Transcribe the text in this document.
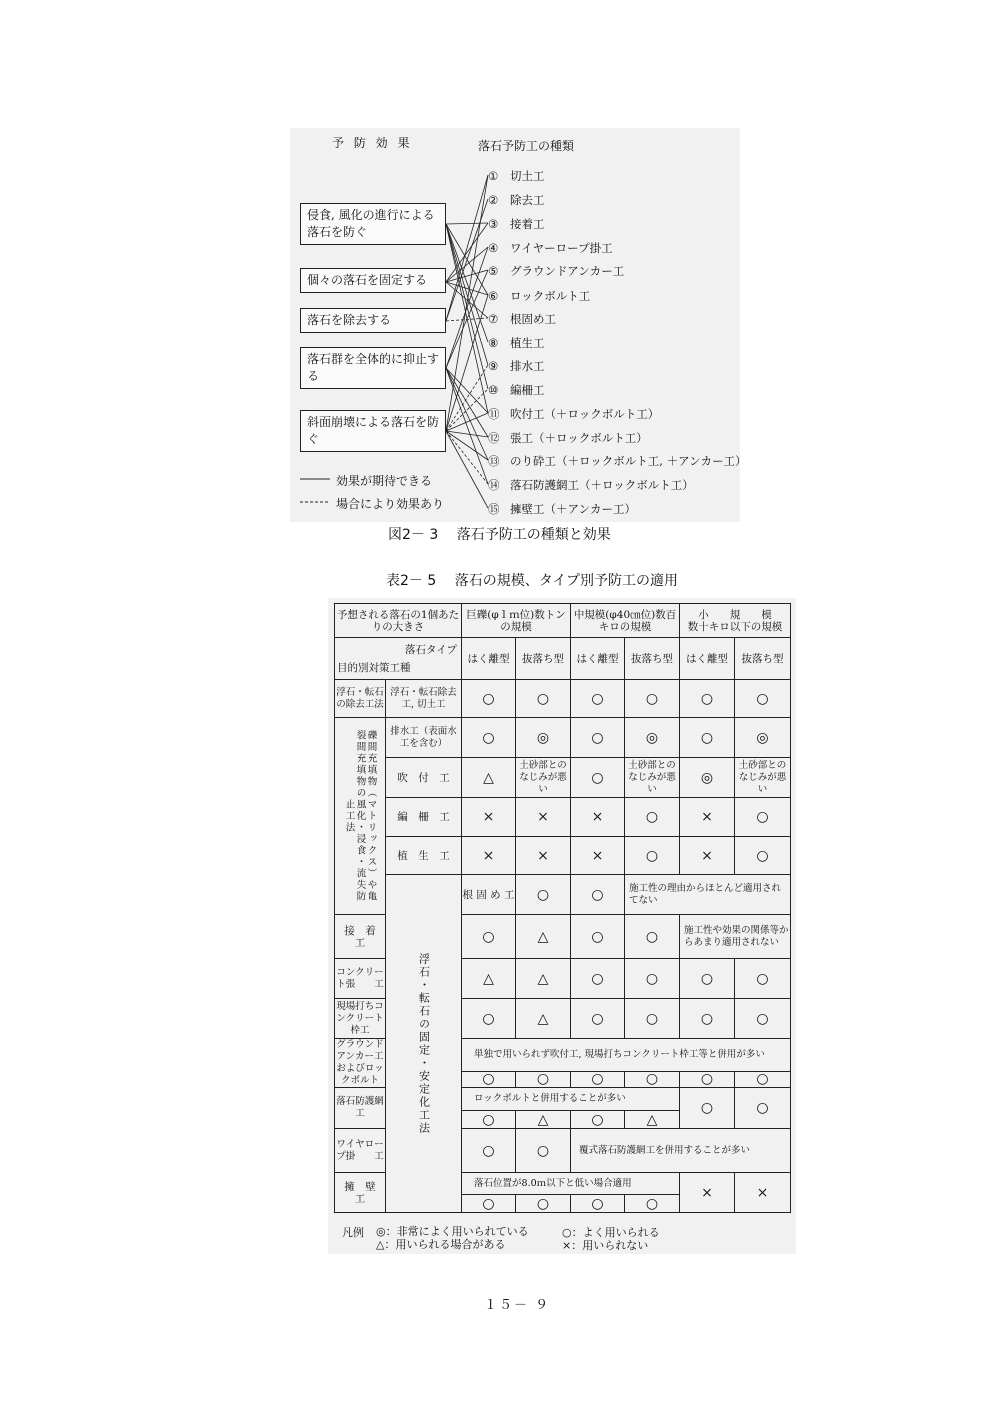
予 防 効 果	落石予防工の種類
侵食, 風化の進行による落石を防ぐ
個々の落石を固定する
落石を除去する
落石群を全体的に抑止する
斜面崩壊による落石を防ぐ
① 切土工
② 除去工
③ 接着工
④ ワイヤーロープ掛工
⑤ グラウンドアンカー工
⑥ ロックボルト工
⑦ 根固め工
⑧ 植生工
⑨ 排水工
⑩ 編柵工
⑪ 吹付工（＋ロックボルト工）
⑫ 張工（＋ロックボルト工）
⑬ のり砕工（＋ロックボルト工, ＋アンカー工）
⑭ 落石防護網工（＋ロックボルト工）
⑮ 擁壁工（＋アンカー工）
効果が期待できる
場合により効果あり
図2－ 3　 落石予防工の種類と効果
表2－ 5　 落石の規模、タイプ別予防工の適用
予想される落石の1個あたりの大きさ		巨礫(φ１ｍ位)数トンの規模		中規模(φ40㎝位)数百キロの規模		小　　規　　模
数十キロ以下の規模	

落石タイプ
目的別対策工種		はく離型	抜落ち型	はく離型	抜落ち型	はく離型	抜落ち型
浮石・転石の除去工法	浮石・転石除去工, 切土工	○	○	○	○	○	○

礫間充填物（マトリックス）や亀裂間充填物の風化・浸食・流失防止工法	排水工（表面水工を含む）	○	◎	○	◎	○	◎
	吹　付　工	△	土砂部とのなじみが悪い	○	土砂部とのなじみが悪い	◎	土砂部とのなじみが悪い
	編　柵　工	×	×	×	○	×	○
	植　生　工	×	×	×	○	×	○

	浮石・転石の固定・安定化工法	根 固 め 工	○	○	施工性の理由からほとんど適用されてない		
接　着　工		○	△	○	○	施工性や効果の関係等からあまり適用されない	
コンクリート張　　工		△	△	○	○	○	○
現場打ちコンクリート枠工		○	△	○	○	○	○
グラウンドアンカー工およびロックボルト		単独で用いられず吹付工, 現場打ちコンクリート枠工等と併用が多い					
		○	○	○	○	○	○
落石防護網工		ロックボルトと併用することが多い				○	○
		○	△	○	△		
ワイヤロープ掛　　工		○	○	覆式落石防護網工を併用することが多い			
擁　壁　工		落石位置が8.0ｍ以下と低い場合適用				×	×
		○	○	○	○		
凡例 ◎：非常によく用いられている
△：用いられる場合がある
○：よく用いられる
×：用いられない
１５－ ９
